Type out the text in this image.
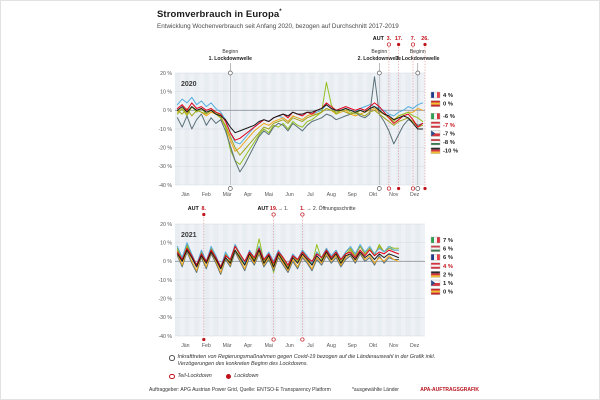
Stromverbrauch in Europa*
Entwicklung Wochenverbrauch seit Anfang 2020, bezogen auf Durchschnitt 2017-2019
20 %
10 %
0 %
-10 %
-20 %
-30 %
-40 %
Jän Feb Mär Apr Mai Jun	Jul Aug Sep Okt Nov Dez
Beginn
1. Lockdownwelle
Beginn
2. Lockdownwelle
Beginn
3. Lockdownwelle
AUT 3. 17. 7. 26.
2020
4 %
0 %
-6 %
-7 %
-7 %
-8 %
-10 %
20 %
10 %
0 %
-10 %
-20 %
-30 %
-40 %
Jän Feb Mär Apr Mai Jun	Jul Aug Sep Okt Nov Dez
AUT 8.	AUT 19. → 1. 1. → 2. Öffnungsschritte
2021
7 %
6 %
6 %
4 %
2 %
1 %
0 %
Inkrafttreten von Regierungsmaßnahmen gegen Covid-19 bezogen auf die Länderauswahl in der Grafik inkl. Verzögerungen des konkreten Beginn des Lockdowns.
Teil-Lockdown	Lockdown
Auftraggeber: APG Austrian Power Grid, Quelle: ENTSO-E Transparency Platform	*ausgewählte Länder	APA-AUFTRAGSGRAFIK
